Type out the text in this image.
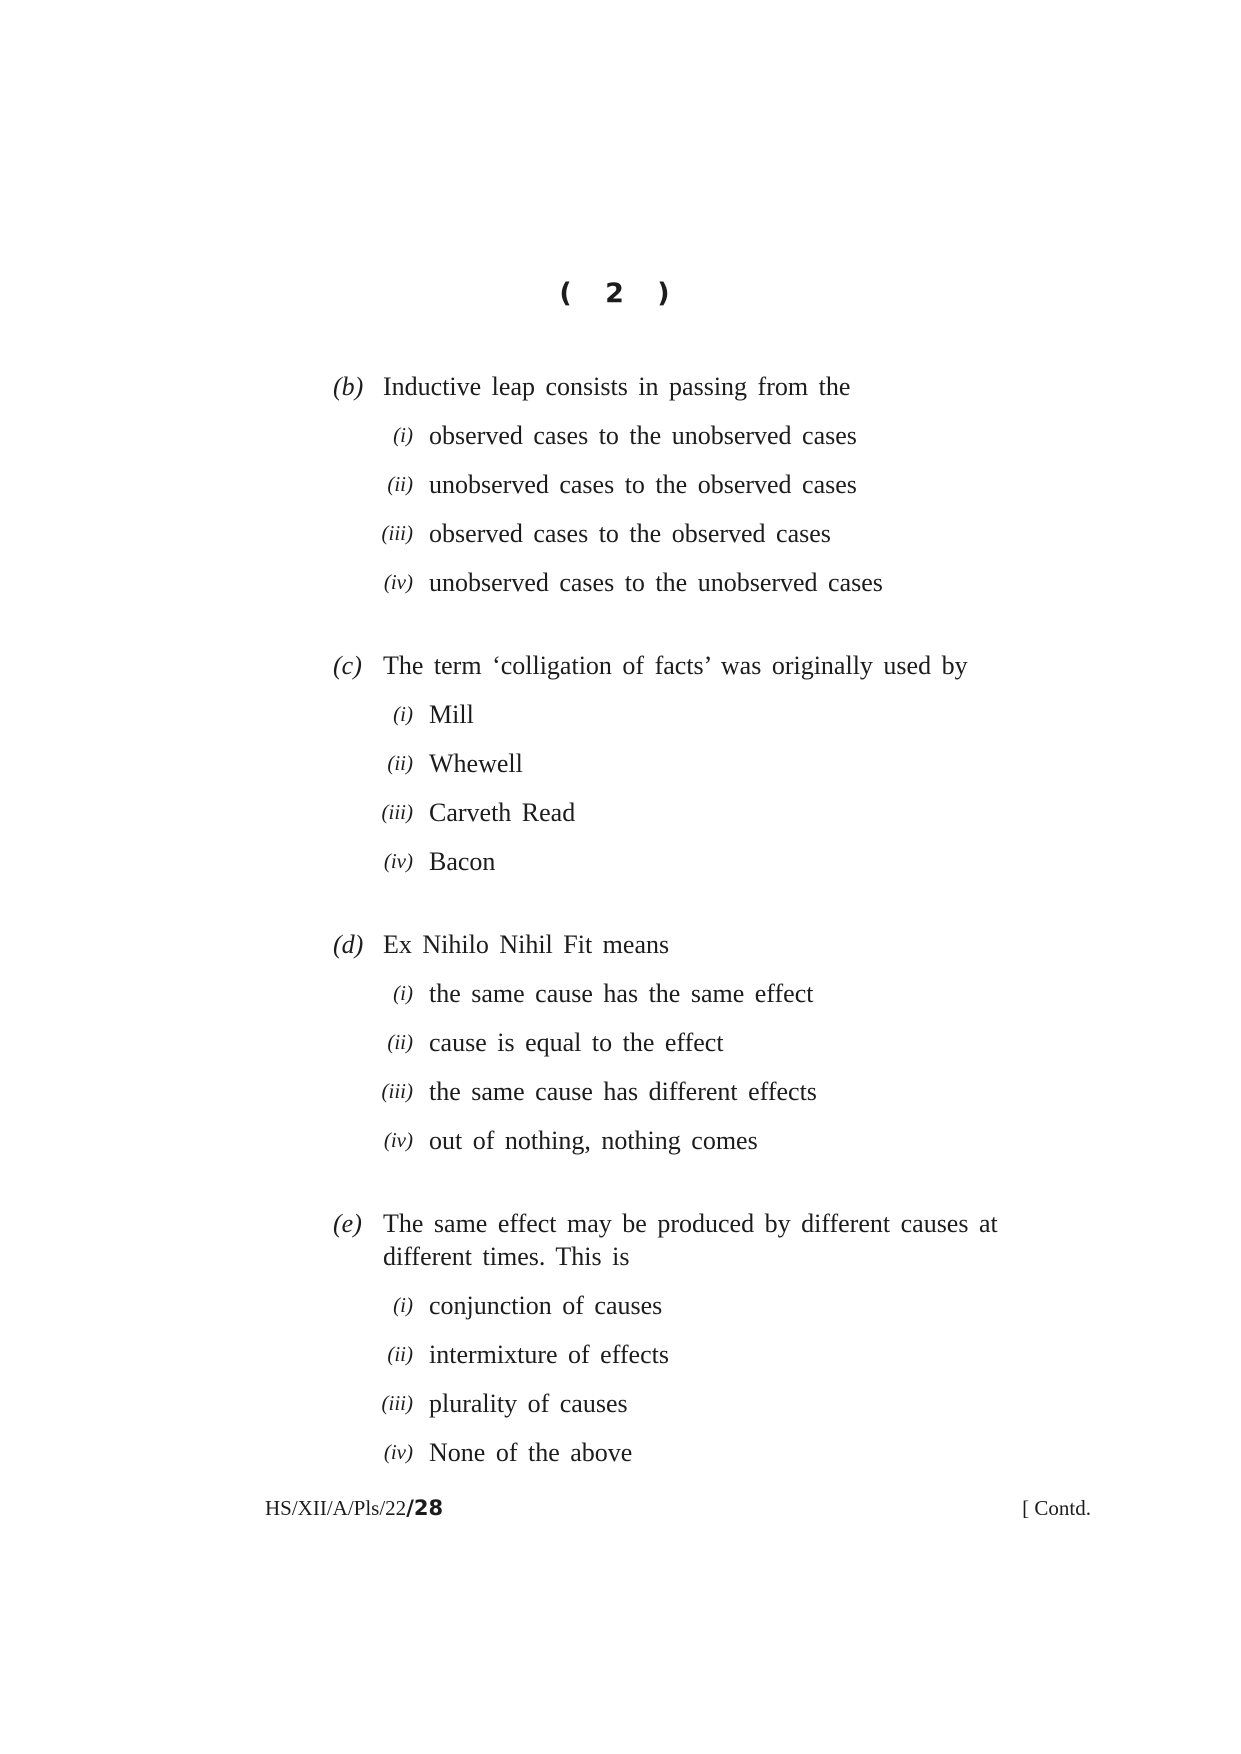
( 2 )
(b) Inductive leap consists in passing from the
(i) observed cases to the unobserved cases
(ii) unobserved cases to the observed cases
(iii) observed cases to the observed cases
(iv) unobserved cases to the unobserved cases
(c) The term ‘colligation of facts’ was originally used by
(i) Mill
(ii) Whewell
(iii) Carveth Read
(iv) Bacon
(d) Ex Nihilo Nihil Fit means
(i) the same cause has the same effect
(ii) cause is equal to the effect
(iii) the same cause has different effects
(iv) out of nothing, nothing comes
(e) The same effect may be produced by different causes at different times. This is
(i) conjunction of causes
(ii) intermixture of effects
(iii) plurality of causes
(iv) None of the above
HS/XII/A/Pls/22/28	[ Contd.
